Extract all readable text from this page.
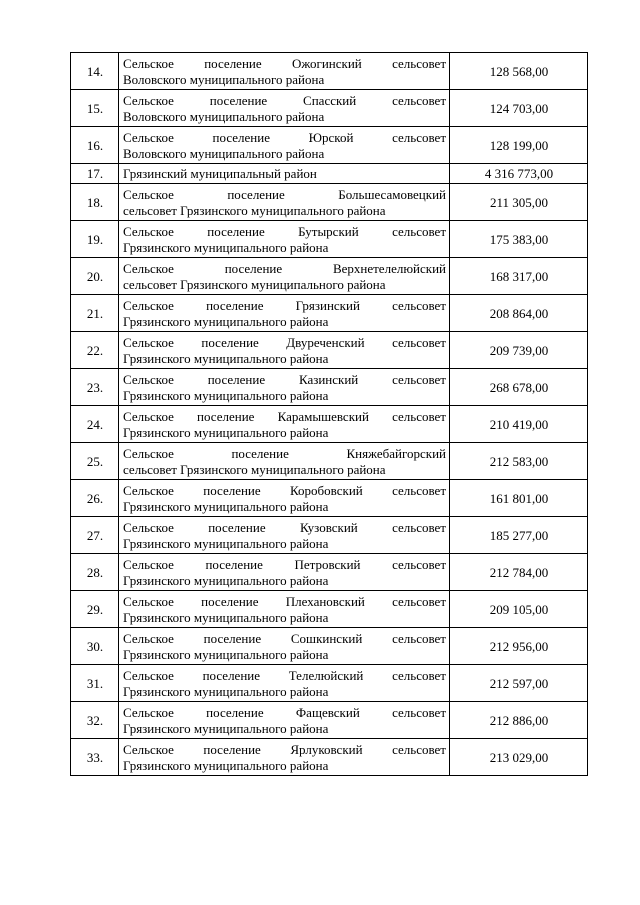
14.	Сельское поселение Ожогинский сельсовет
Воловского муниципального района	128 568,00
15.	Сельское поселение Спасский сельсовет
Воловского муниципального района	124 703,00
16.	Сельское поселение Юрской сельсовет
Воловского муниципального района	128 199,00
17.	Грязинский муниципальный район	4 316 773,00
18.	Сельское поселение Большесамовецкий
сельсовет Грязинского муниципального района	211 305,00
19.	Сельское поселение Бутырский сельсовет
Грязинского муниципального района	175 383,00
20.	Сельское поселение Верхнетелелюйский
сельсовет Грязинского муниципального района	168 317,00
21.	Сельское поселение Грязинский сельсовет
Грязинского муниципального района	208 864,00
22.	Сельское поселение Двуреченский сельсовет
Грязинского муниципального района	209 739,00
23.	Сельское поселение Казинский сельсовет
Грязинского муниципального района	268 678,00
24.	Сельское поселение Карамышевский сельсовет
Грязинского муниципального района	210 419,00
25.	Сельское поселение Княжебайгорский
сельсовет Грязинского муниципального района	212 583,00
26.	Сельское поселение Коробовский сельсовет
Грязинского муниципального района	161 801,00
27.	Сельское поселение Кузовский сельсовет
Грязинского муниципального района	185 277,00
28.	Сельское поселение Петровский сельсовет
Грязинского муниципального района	212 784,00
29.	Сельское поселение Плехановский сельсовет
Грязинского муниципального района	209 105,00
30.	Сельское поселение Сошкинский сельсовет
Грязинского муниципального района	212 956,00
31.	Сельское поселение Телелюйский сельсовет
Грязинского муниципального района	212 597,00
32.	Сельское поселение Фащевский сельсовет
Грязинского муниципального района	212 886,00
33.	Сельское поселение Ярлуковский сельсовет
Грязинского муниципального района	213 029,00
